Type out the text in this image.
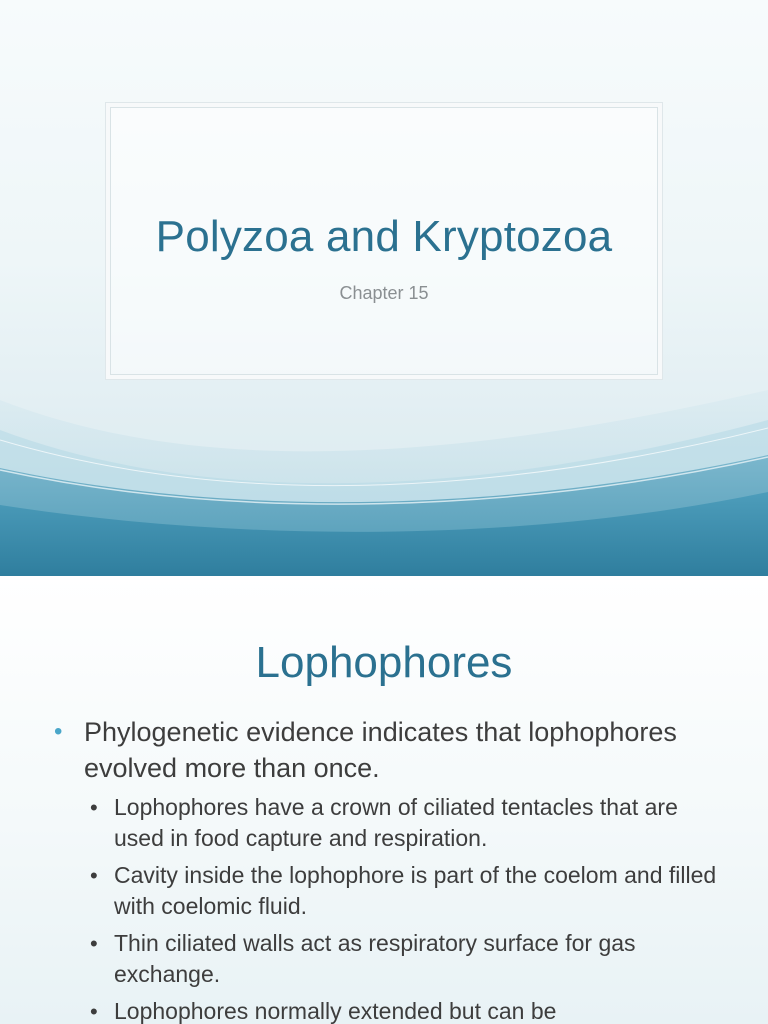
Polyzoa and Kryptozoa
Chapter 15
Lophophores
• Phylogenetic evidence indicates that lophophores evolved more than once.
• Lophophores have a crown of ciliated tentacles that are used in food capture and respiration.
• Cavity inside the lophophore is part of the coelom and filled with coelomic fluid.
• Thin ciliated walls act as respiratory surface for gas exchange.
• Lophophores normally extended but can be
